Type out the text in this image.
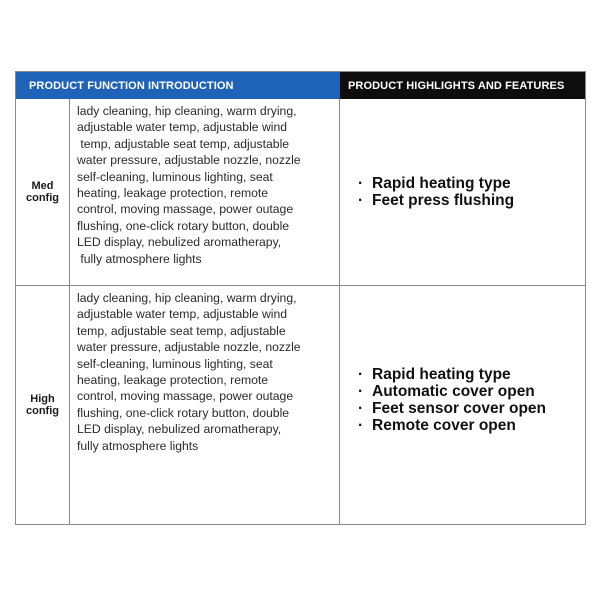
PRODUCT FUNCTION INTRODUCTION	PRODUCT HIGHLIGHTS AND FEATURES
Med
config

lady cleaning, hip cleaning, warm drying,

adjustable water temp, adjustable wind

temp, adjustable seat temp, adjustable

water pressure, adjustable nozzle, nozzle

self-cleaning, luminous lighting, seat

heating, leakage protection, remote

control, moving massage, power outage

flushing, one-click rotary button, double

LED display, nebulized aromatherapy,

fully atmosphere lights

· Rapid heating type
· Feet press flushing
High
config

lady cleaning, hip cleaning, warm drying,

adjustable water temp, adjustable wind

temp, adjustable seat temp, adjustable

water pressure, adjustable nozzle, nozzle

self-cleaning, luminous lighting, seat

heating, leakage protection, remote

control, moving massage, power outage

flushing, one-click rotary button, double

LED display, nebulized aromatherapy,

fully atmosphere lights

· Rapid heating type
· Automatic cover open
· Feet sensor cover open
· Remote cover open
